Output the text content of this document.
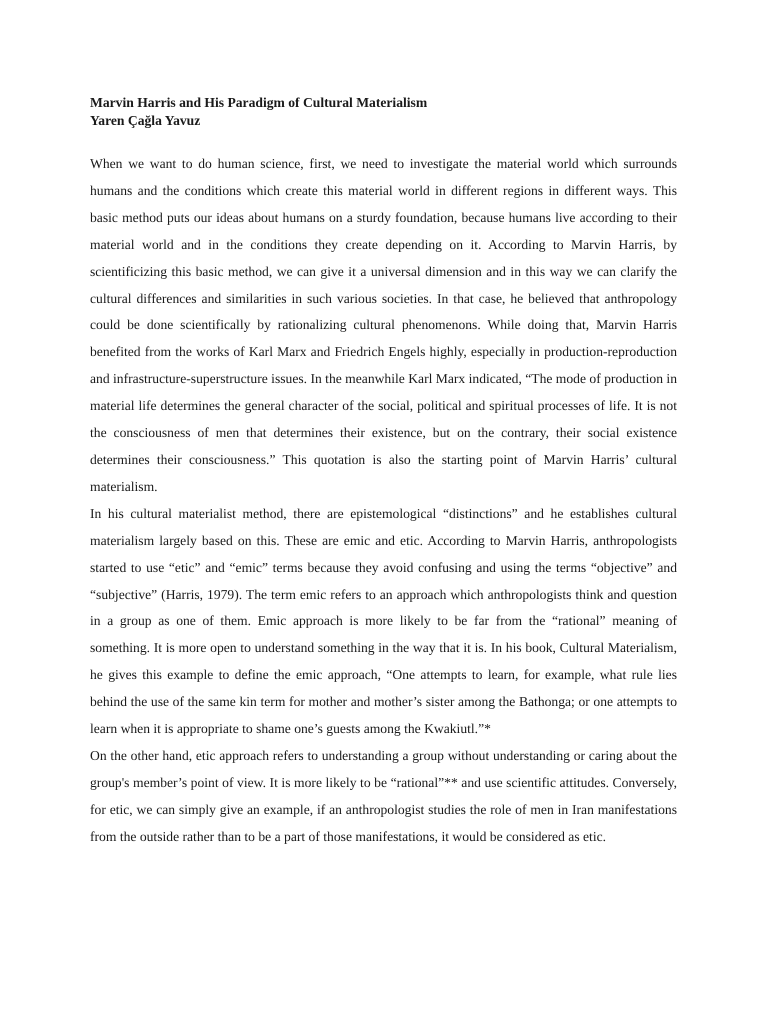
Marvin Harris and His Paradigm of Cultural Materialism
Yaren Çağla Yavuz

When we want to do human science, first, we need to investigate the material world which surrounds humans and the conditions which create this material world in different regions in different ways. This basic method puts our ideas about humans on a sturdy foundation, because humans live according to their material world and in the conditions they create depending on it. According to Marvin Harris, by scientificizing this basic method, we can give it a universal dimension and in this way we can clarify the cultural differences and similarities in such various societies. In that case, he believed that anthropology could be done scientifically by rationalizing cultural phenomenons. While doing that, Marvin Harris benefited from the works of Karl Marx and Friedrich Engels highly, especially in production-reproduction and infrastructure-superstructure issues. In the meanwhile Karl Marx indicated, “The mode of production in material life determines the general character of the social, political and spiritual processes of life. It is not the consciousness of men that determines their existence, but on the contrary, their social existence determines their consciousness.” This quotation is also the starting point of Marvin Harris’ cultural materialism.

In his cultural materialist method, there are epistemological “distinctions” and he establishes cultural materialism largely based on this. These are emic and etic. According to Marvin Harris, anthropologists started to use “etic” and “emic” terms because they avoid confusing and using the terms “objective” and “subjective” (Harris, 1979). The term emic refers to an approach which anthropologists think and question in a group as one of them. Emic approach is more likely to be far from the “rational” meaning of something. It is more open to understand something in the way that it is. In his book, Cultural Materialism, he gives this example to define the emic approach, “One attempts to learn, for example, what rule lies behind the use of the same kin term for mother and mother’s sister among the Bathonga; or one attempts to learn when it is appropriate to shame one’s guests among the Kwakiutl.”*

On the other hand, etic approach refers to understanding a group without understanding or caring about the group's member’s point of view. It is more likely to be “rational”** and use scientific attitudes. Conversely, for etic, we can simply give an example, if an anthropologist studies the role of men in Iran manifestations from the outside rather than to be a part of those manifestations, it would be considered as etic.
